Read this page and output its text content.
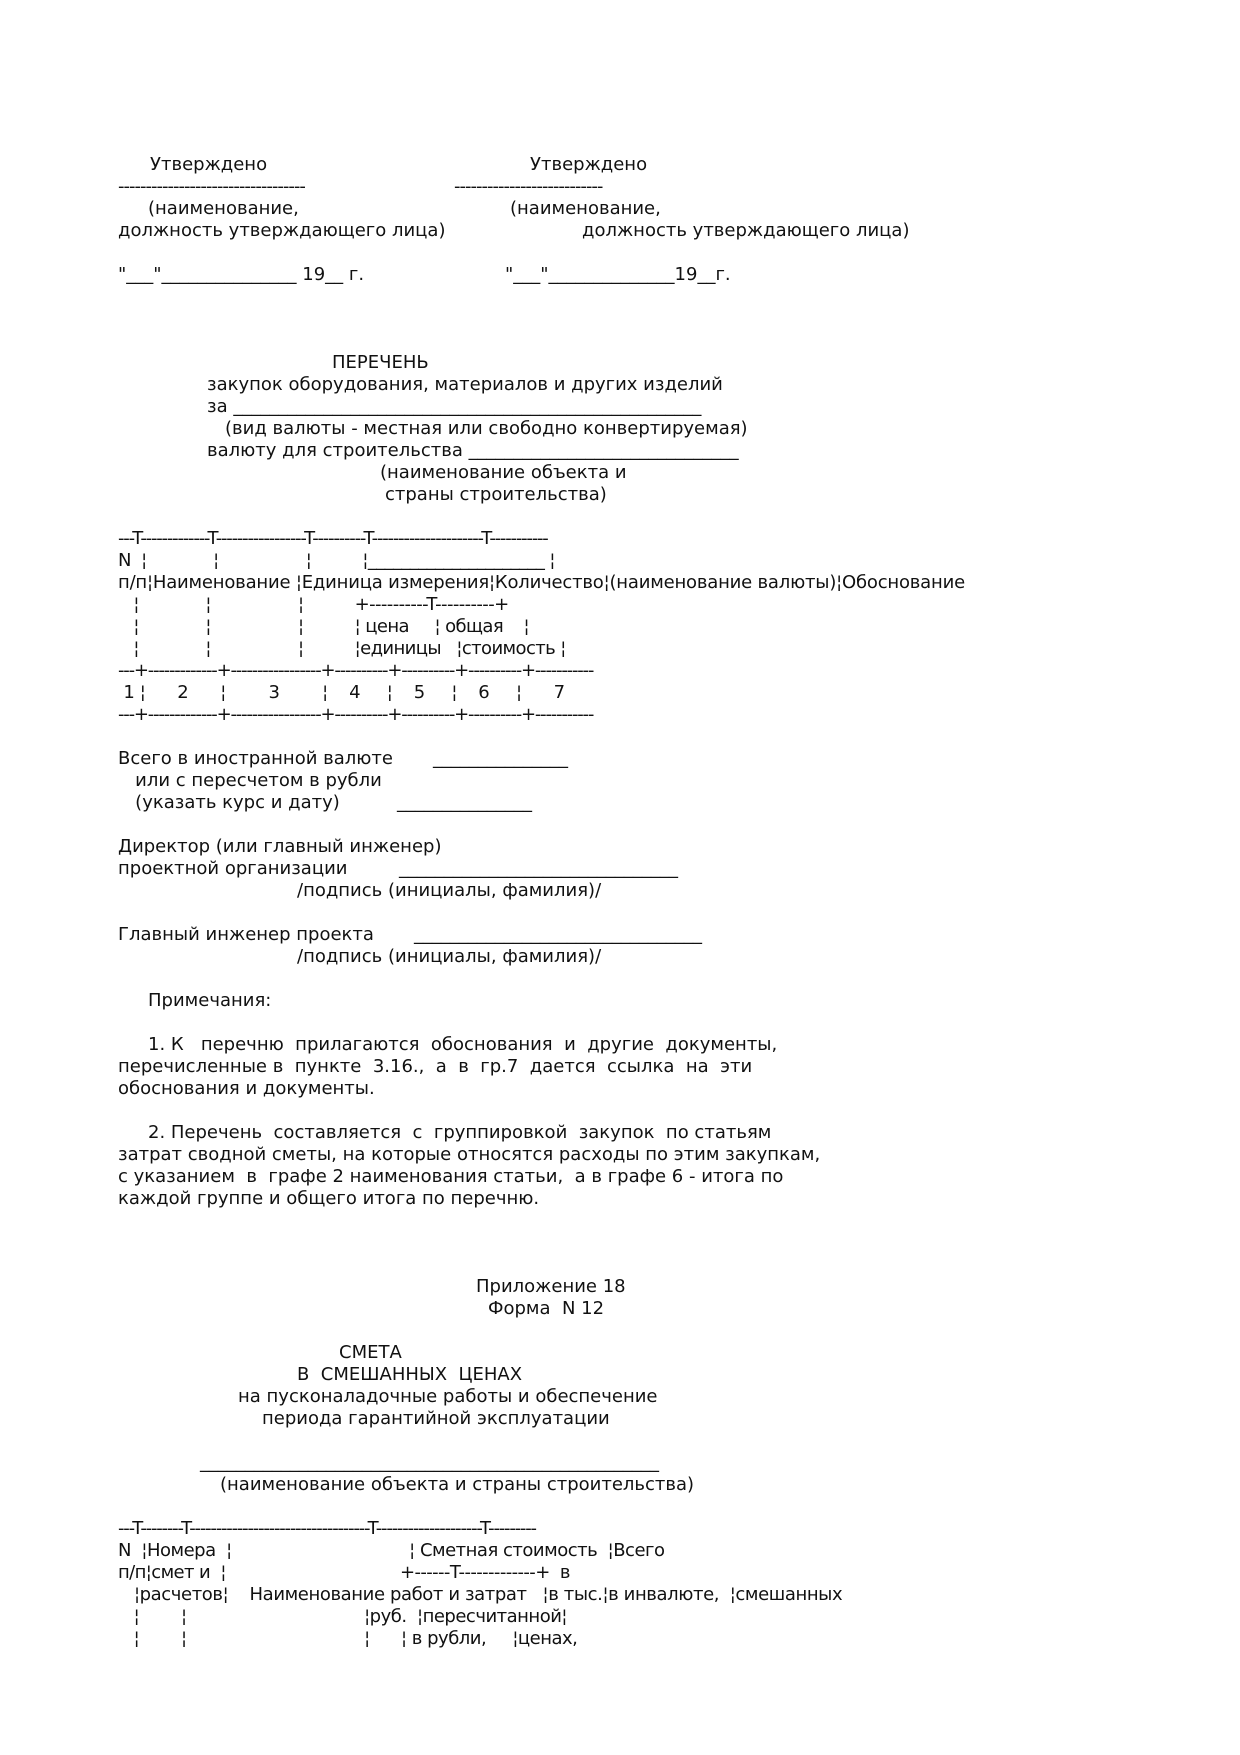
Утверждено
----------------------------------
(наименование,
должность утверждающего лица)
"___"_______________ 19__ г.
Утверждено
---------------------------
(наименование,
должность утверждающего лица)
"___"______________19__г.
ПЕРЕЧЕНЬ
закупок оборудования, материалов и других изделий
за ____________________________________________________
(вид валюты - местная или свободно конвертируемая)
валюту для строительства ______________________________
(наименование объекта и
страны строительства)
---T-------------T-----------------T----------T---------------------T-----------
N  ¦             ¦                 ¦          ¦_____________________ ¦
п/п¦Наименование ¦Единица измерения¦Количество¦(наименование валюты)¦Обоснование
¦             ¦                 ¦          +----------T----------+
¦             ¦                 ¦          ¦ цена     ¦ общая    ¦
¦             ¦                 ¦          ¦единицы   ¦стоимость ¦
---+-------------+-----------------+----------+----------+----------+-----------
1 ¦      2      ¦        3        ¦    4     ¦    5     ¦    6     ¦      7
---+-------------+-----------------+----------+----------+----------+-----------
Всего в иностранной валюте       _______________
или с пересчетом в рубли
(указать курс и дату)          _______________
Директор (или главный инженер)
проектной организации         _______________________________
/подпись (инициалы, фамилия)/
Главный инженер проекта       ________________________________
/подпись (инициалы, фамилия)/
Примечания:
1. К   перечню  прилагаются  обоснования  и  другие  документы,
перечисленные в  пункте  3.16.,  а  в  гр.7  дается  ссылка  на  эти
обоснования и документы.
2. Перечень  составляется  с  группировкой  закупок  по статьям
затрат сводной сметы, на которые относятся расходы по этим закупкам,
с указанием  в  графе 2 наименования статьи,  а в графе 6 - итога по
каждой группе и общего итога по перечню.
Приложение 18
Форма  N 12
СМЕТА
В  СМЕШАННЫХ  ЦЕНАХ
на пусконаладочные работы и обеспечение
периода гарантийной эксплуатации
___________________________________________________
(наименование объекта и страны строительства)
---T--------T----------------------------------T--------------------T---------
N  ¦Номера  ¦                                  ¦ Сметная стоимость  ¦Всего
п/п¦смет и  ¦                                  +------T-------------+  в
¦расчетов¦    Наименование работ и затрат   ¦в тыс.¦в инвалюте,  ¦смешанных
¦        ¦                                  ¦руб.  ¦пересчитанной¦
¦        ¦                                  ¦      ¦ в рубли,     ¦ценах,
